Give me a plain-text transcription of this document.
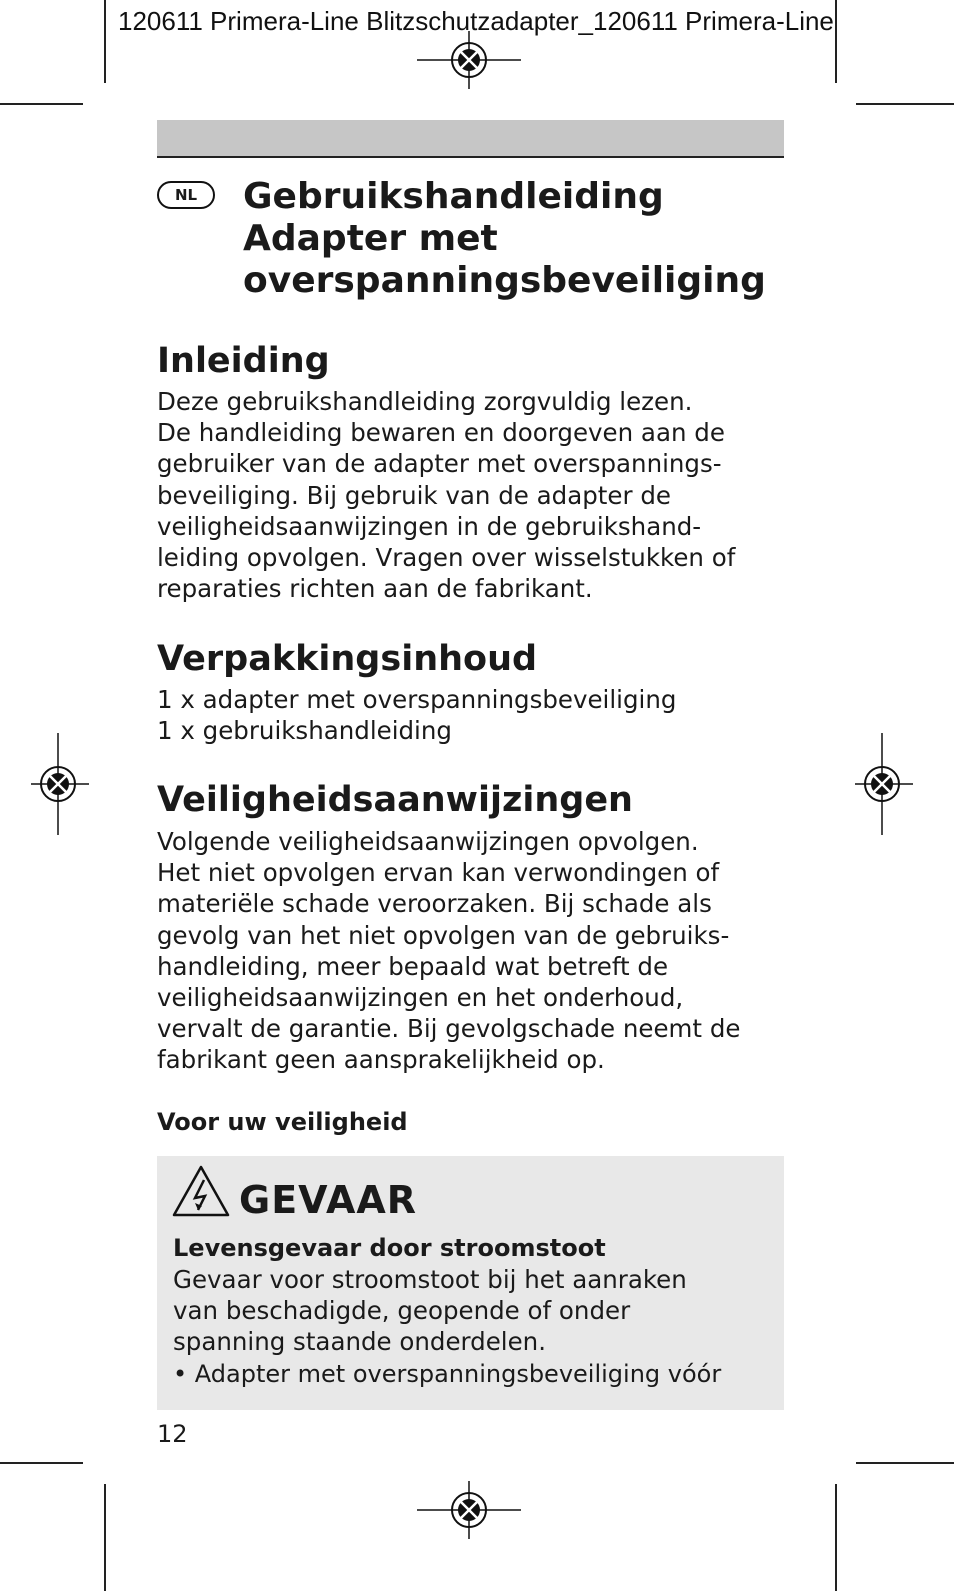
120611 Primera-Line Blitzschutzadapter_120611 Primera-Line
NL	Gebruikshandleiding
Adapter met
overspanningsbeveiliging
Inleiding
Deze gebruikshandleiding zorgvuldig lezen.
De handleiding bewaren en doorgeven aan de
gebruiker van de adapter met overspannings-
beveiliging. Bij gebruik van de adapter de
veiligheidsaanwijzingen in de gebruikshand-
leiding opvolgen. Vragen over wisselstukken of
reparaties richten aan de fabrikant.
Verpakkingsinhoud
1 x adapter met overspanningsbeveiliging
1 x gebruikshandleiding
Veiligheidsaanwijzingen
Volgende veiligheidsaanwijzingen opvolgen.
Het niet opvolgen ervan kan verwondingen of
materiële schade veroorzaken. Bij schade als
gevolg van het niet opvolgen van de gebruiks-
handleiding, meer bepaald wat betreft de
veiligheidsaanwijzingen en het onderhoud,
vervalt de garantie. Bij gevolgschade neemt de
fabrikant geen aansprakelijkheid op.
Voor uw veiligheid
GEVAAR
Levensgevaar door stroomstoot
Gevaar voor stroomstoot bij het aanraken
van beschadigde, geopende of onder
spanning staande onderdelen.
• Adapter met overspanningsbeveiliging vóór
12
